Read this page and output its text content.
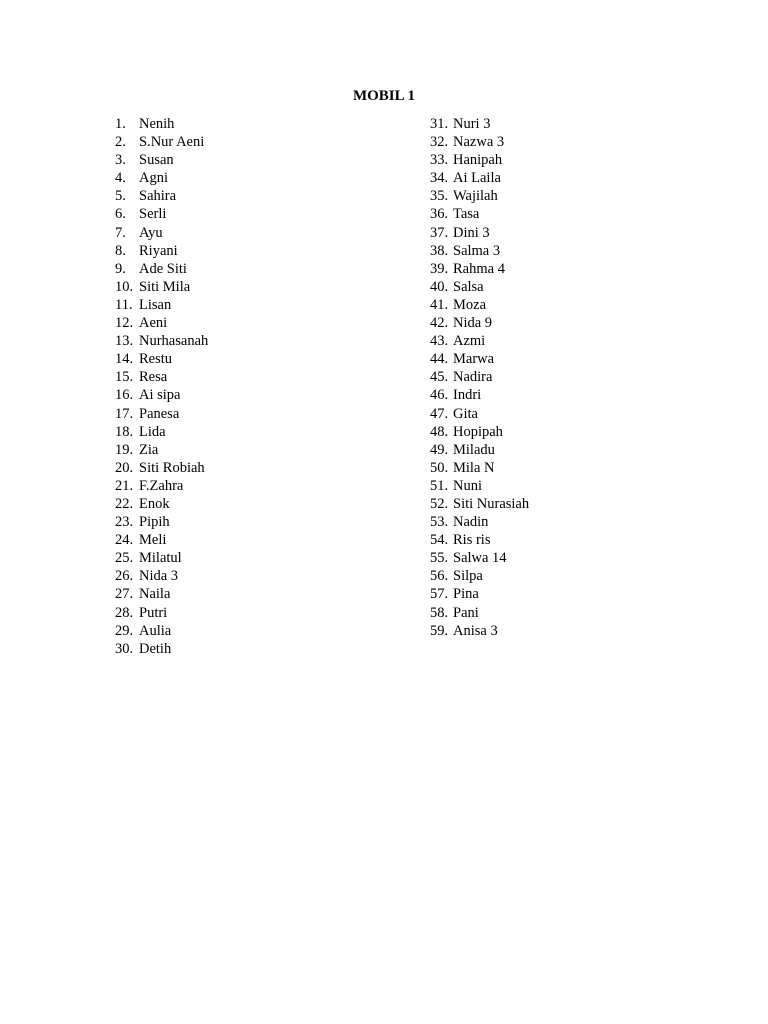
MOBIL 1
1. Nenih
2. S.Nur Aeni
3. Susan
4. Agni
5. Sahira
6. Serli
7. Ayu
8. Riyani
9. Ade Siti
10. Siti Mila
11. Lisan
12. Aeni
13. Nurhasanah
14. Restu
15. Resa
16. Ai sipa
17. Panesa
18. Lida
19. Zia
20. Siti Robiah
21. F.Zahra
22. Enok
23. Pipih
24. Meli
25. Milatul
26. Nida 3
27. Naila
28. Putri
29. Aulia
30. Detih
31. Nuri 3
32. Nazwa 3
33. Hanipah
34. Ai Laila
35. Wajilah
36. Tasa
37. Dini 3
38. Salma 3
39. Rahma 4
40. Salsa
41. Moza
42. Nida 9
43. Azmi
44. Marwa
45. Nadira
46. Indri
47. Gita
48. Hopipah
49. Miladu
50. Mila N
51. Nuni
52. Siti Nurasiah
53. Nadin
54. Ris ris
55. Salwa 14
56. Silpa
57. Pina
58. Pani
59. Anisa 3
